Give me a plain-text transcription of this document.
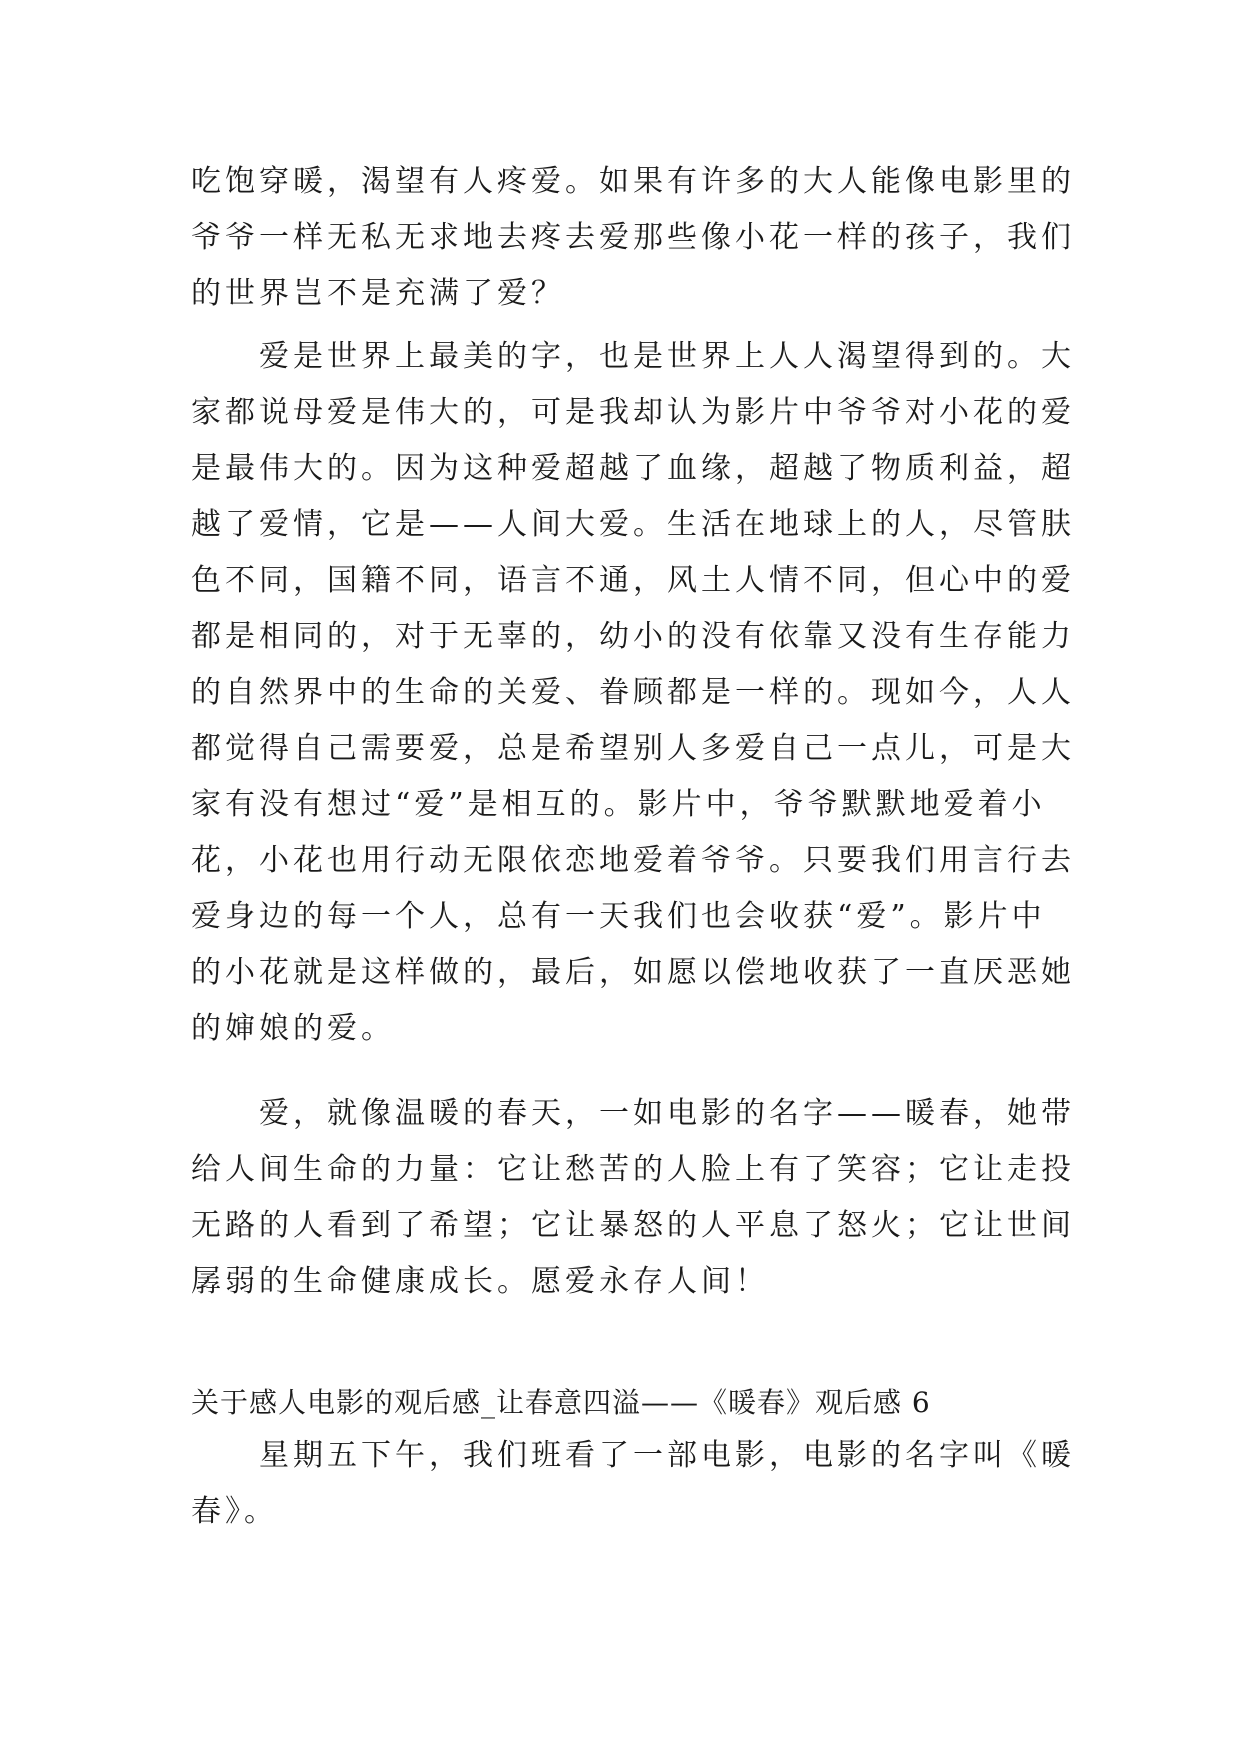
吃饱穿暖，渴望有人疼爱。如果有许多的大人能像电影里的
爷爷一样无私无求地去疼去爱那些像小花一样的孩子，我们
的世界岂不是充满了爱？
爱是世界上最美的字，也是世界上人人渴望得到的。大
家都说母爱是伟大的，可是我却认为影片中爷爷对小花的爱
是最伟大的。因为这种爱超越了血缘，超越了物质利益，超
越了爱情，它是——人间大爱。生活在地球上的人，尽管肤
色不同，国籍不同，语言不通，风土人情不同，但心中的爱
都是相同的，对于无辜的，幼小的没有依靠又没有生存能力
的自然界中的生命的关爱、眷顾都是一样的。现如今，人人
都觉得自己需要爱，总是希望别人多爱自己一点儿，可是大
家有没有想过“爱”是相互的。影片中，爷爷默默地爱着小
花，小花也用行动无限依恋地爱着爷爷。只要我们用言行去
爱身边的每一个人，总有一天我们也会收获“爱”。影片中
的小花就是这样做的，最后，如愿以偿地收获了一直厌恶她
的婶娘的爱。
爱，就像温暖的春天，一如电影的名字——暖春，她带
给人间生命的力量：它让愁苦的人脸上有了笑容；它让走投
无路的人看到了希望；它让暴怒的人平息了怒火；它让世间
孱弱的生命健康成长。愿爱永存人间！
关于感人电影的观后感_让春意四溢——《暖春》观后感 6
星期五下午，我们班看了一部电影，电影的名字叫《暖
春》。
